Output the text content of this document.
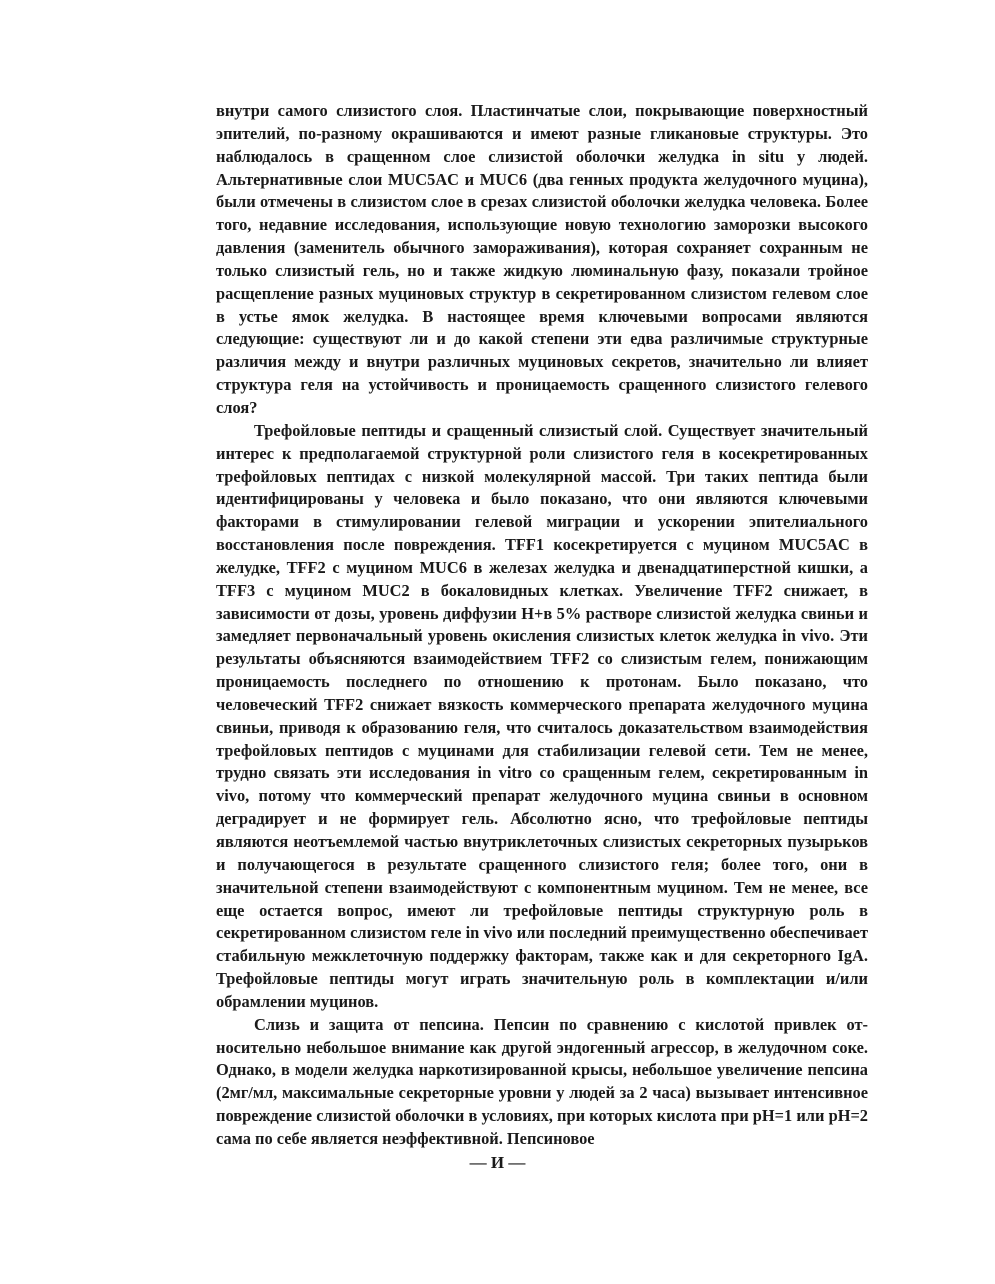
внутри самого слизистого слоя. Пластинчатые слои, покрывающие поверхностный эпителий, по-разному окрашиваются и имеют разные гликановые структуры. Это наблюдалось в сращенном слое слизистой оболочки желудка in situ у людей. Альтернативные слои MUC5AC и MUC6 (два генных продукта желудочного муцина), были отмечены в слизистом слое в срезах слизистой оболочки желудка человека. Более того, недавние исследования, использующие новую технологию заморозки высокого давления (заменитель обычного замораживания), которая сохраняет сохранным не только слизистый гель, но и также жидкую люминальную фазу, показали тройное расщепление разных муциновых структур в секретированном слизистом гелевом слое в устье ямок желудка. В настоящее время ключевыми вопросами являются следующие: существуют ли и до какой степени эти едва различимые структурные различия между и внутри различных муциновых секретов, значительно ли влияет структура геля на устойчивость и проницаемость сращенного слизистого гелевого слоя?

Трефойловые пептиды и сращенный слизистый слой. Существует значительный интерес к предполагаемой структурной роли слизистого геля в косекретированных трефойловых пептидах с низкой молекулярной массой. Три таких пептида были идентифицированы у человека и было показано, что они являются ключевыми факторами в стимулировании гелевой миграции и ускорении эпителиального восстановления после повреждения. TFF1 косекретируется с муцином MUC5AC в желудке, TFF2 с муцином MUC6 в железах желудка и двенадцатиперстной кишки, а TFF3 с муцином MUC2 в бокаловидных клетках. Увеличение TFF2 снижает, в зависимости от дозы, уровень диффузии H+в 5% растворе слизистой желудка свиньи и замедляет первоначальный уровень окисления слизистых клеток желудка in vivo. Эти результаты объясняются взаимодействием TFF2 со слизистым гелем, понижающим проницаемость последнего по отношению к протонам. Было показано, что человеческий TFF2 снижает вязкость коммерческого препарата желудочного муцина свиньи, приводя к образованию геля, что считалось доказательством взаимодействия трефойловых пептидов с муцинами для стабилизации гелевой сети. Тем не менее, трудно связать эти исследования in vitro со сращенным гелем, секретированным in vivo, потому что коммерческий препарат желудочного муцина свиньи в основном деградирует и не формирует гель. Абсолютно ясно, что трефойловые пептиды являются неотъемлемой частью внутриклеточных слизистых секреторных пузырьков и получающегося в результате сращенного слизистого геля; более того, они в значительной степени взаимодействуют с компонентным муцином. Тем не менее, все еще остается вопрос, имеют ли трефойловые пептиды структурную роль в секретированном слизистом геле in vivo или последний преимущественно обеспечивает стабильную межклеточную поддержку факторам, также как и для секреторного IgA. Трефойловые пептиды могут играть значительную роль в комплектации и/или обрамлении муцинов.

Слизь и защита от пепсина. Пепсин по сравнению с кислотой привлек относительно небольшое внимание как другой эндогенный агрессор, в желудочном соке. Однако, в модели желудка наркотизированной крысы, небольшое увеличение пепсина (2мг/мл, максимальные секреторные уровни у людей за 2 часа) вызывает интенсивное повреждение слизистой оболочки в условиях, при которых кислота при pH=1 или pH=2 сама по себе является неэффективной. Пепсиновое

— И —
